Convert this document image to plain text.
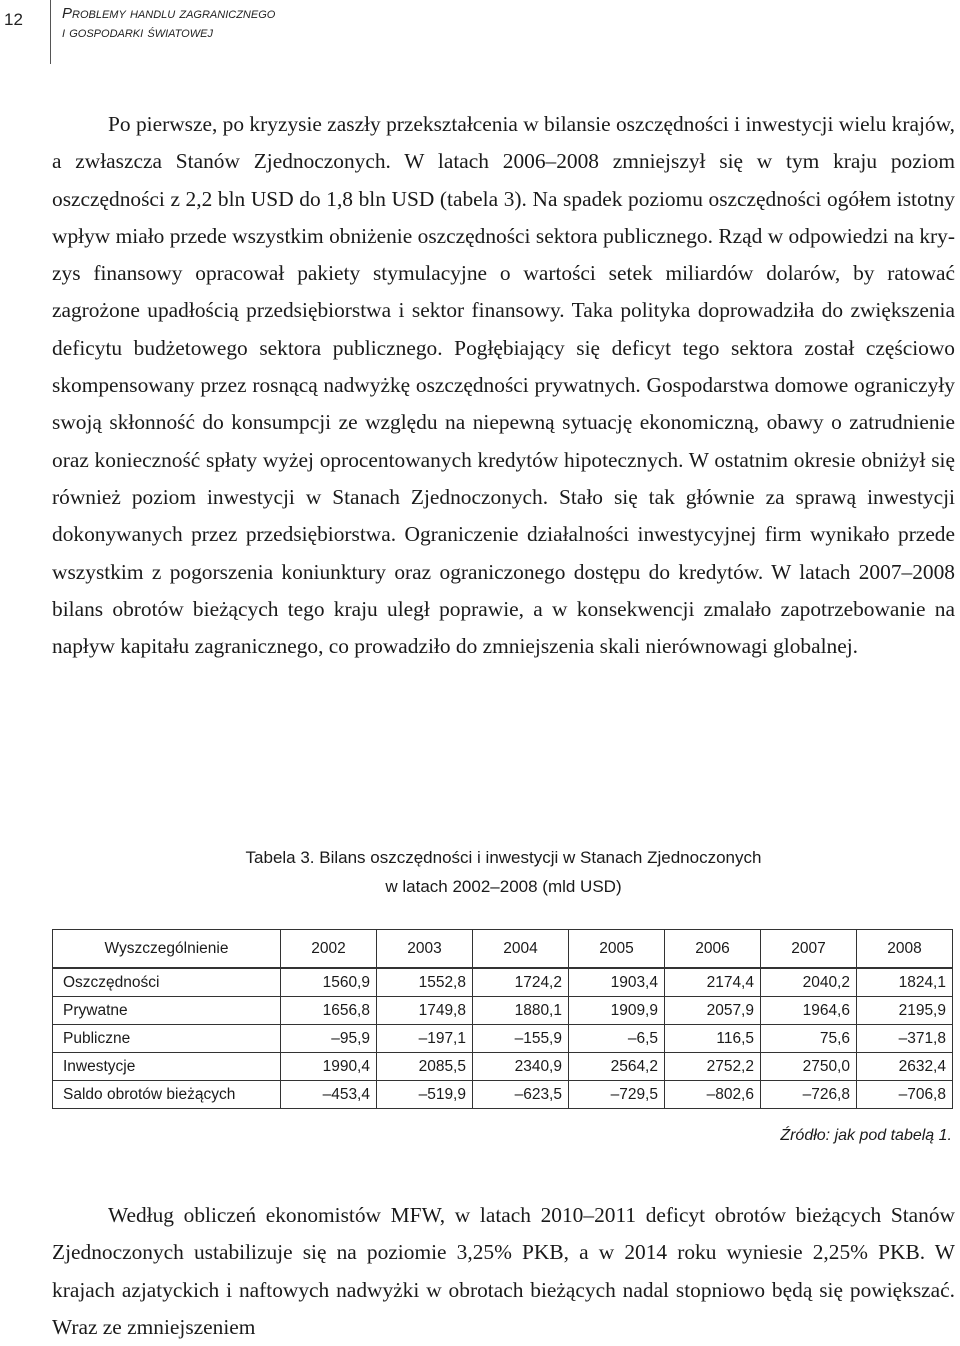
12	Problemy handlu zagranicznego
i gospodarki światowej

Po pierwsze, po kryzysie zaszły przekształcenia w bilansie oszczędności i inwestycji wielu krajów, a zwłaszcza Stanów Zjednoczonych. W latach 2006–2008 zmniejszył się w tym kraju poziom oszczędności z 2,2 bln USD do 1,8 bln USD (tabela 3). Na spadek poziomu oszczędności ogółem istotny wpływ miało przede wszystkim obniżenie oszczędności sektora publicznego. Rząd w odpowiedzi na kryzys finansowy opracował pakiety stymulacyjne o wartości setek miliardów dolarów, by ratować zagrożone upadłością przedsiębiorstwa i sektor finansowy. Taka polityka doprowadziła do zwiększenia deficytu budżetowego sektora publicznego. Pogłębiający się deficyt tego sektora został częściowo skompensowany przez rosnącą nadwyżkę oszczędności prywatnych. Gospodarstwa domowe ograniczyły swoją skłonność do konsumpcji ze względu na niepewną sytuację ekonomiczną, obawy o zatrudnienie oraz konieczność spłaty wyżej oprocentowanych kredytów hipotecznych. W ostatnim okresie obniżył się również poziom inwestycji w Stanach Zjednoczonych. Stało się tak głównie za sprawą inwestycji dokonywanych przez przedsiębiorstwa. Ograniczenie działalności inwestycyjnej firm wynikało przede wszystkim z pogorszenia koniunktury oraz ograniczonego dostępu do kredytów. W latach 2007–2008 bilans obrotów bieżących tego kraju uległ poprawie, a w konsekwencji zmalało zapotrzebowanie na napływ kapitału zagranicznego, co prowadziło do zmniejszenia skali nierównowagi globalnej.

Tabela 3. Bilans oszczędności i inwestycji w Stanach Zjednoczonych
w latach 2002–2008 (mld USD)
Wyszczególnienie	2002	2003	2004	2005	2006	2007	2008
Oszczędności	1560,9	1552,8	1724,2	1903,4	2174,4	2040,2	1824,1
Prywatne	1656,8	1749,8	1880,1	1909,9	2057,9	1964,6	2195,9
Publiczne	–95,9	–197,1	–155,9	–6,5	116,5	75,6	–371,8
Inwestycje	1990,4	2085,5	2340,9	2564,2	2752,2	2750,0	2632,4
Saldo obrotów bieżących	–453,4	–519,9	–623,5	–729,5	–802,6	–726,8	–706,8
Źródło: jak pod tabelą 1.

Według obliczeń ekonomistów MFW, w latach 2010–2011 deficyt obrotów bieżących Stanów Zjednoczonych ustabilizuje się na poziomie 3,25% PKB, a w 2014 roku wyniesie 2,25% PKB. W krajach azjatyckich i naftowych nadwyżki w obrotach bieżących nadal stopniowo będą się powiększać. Wraz ze zmniejszeniem
